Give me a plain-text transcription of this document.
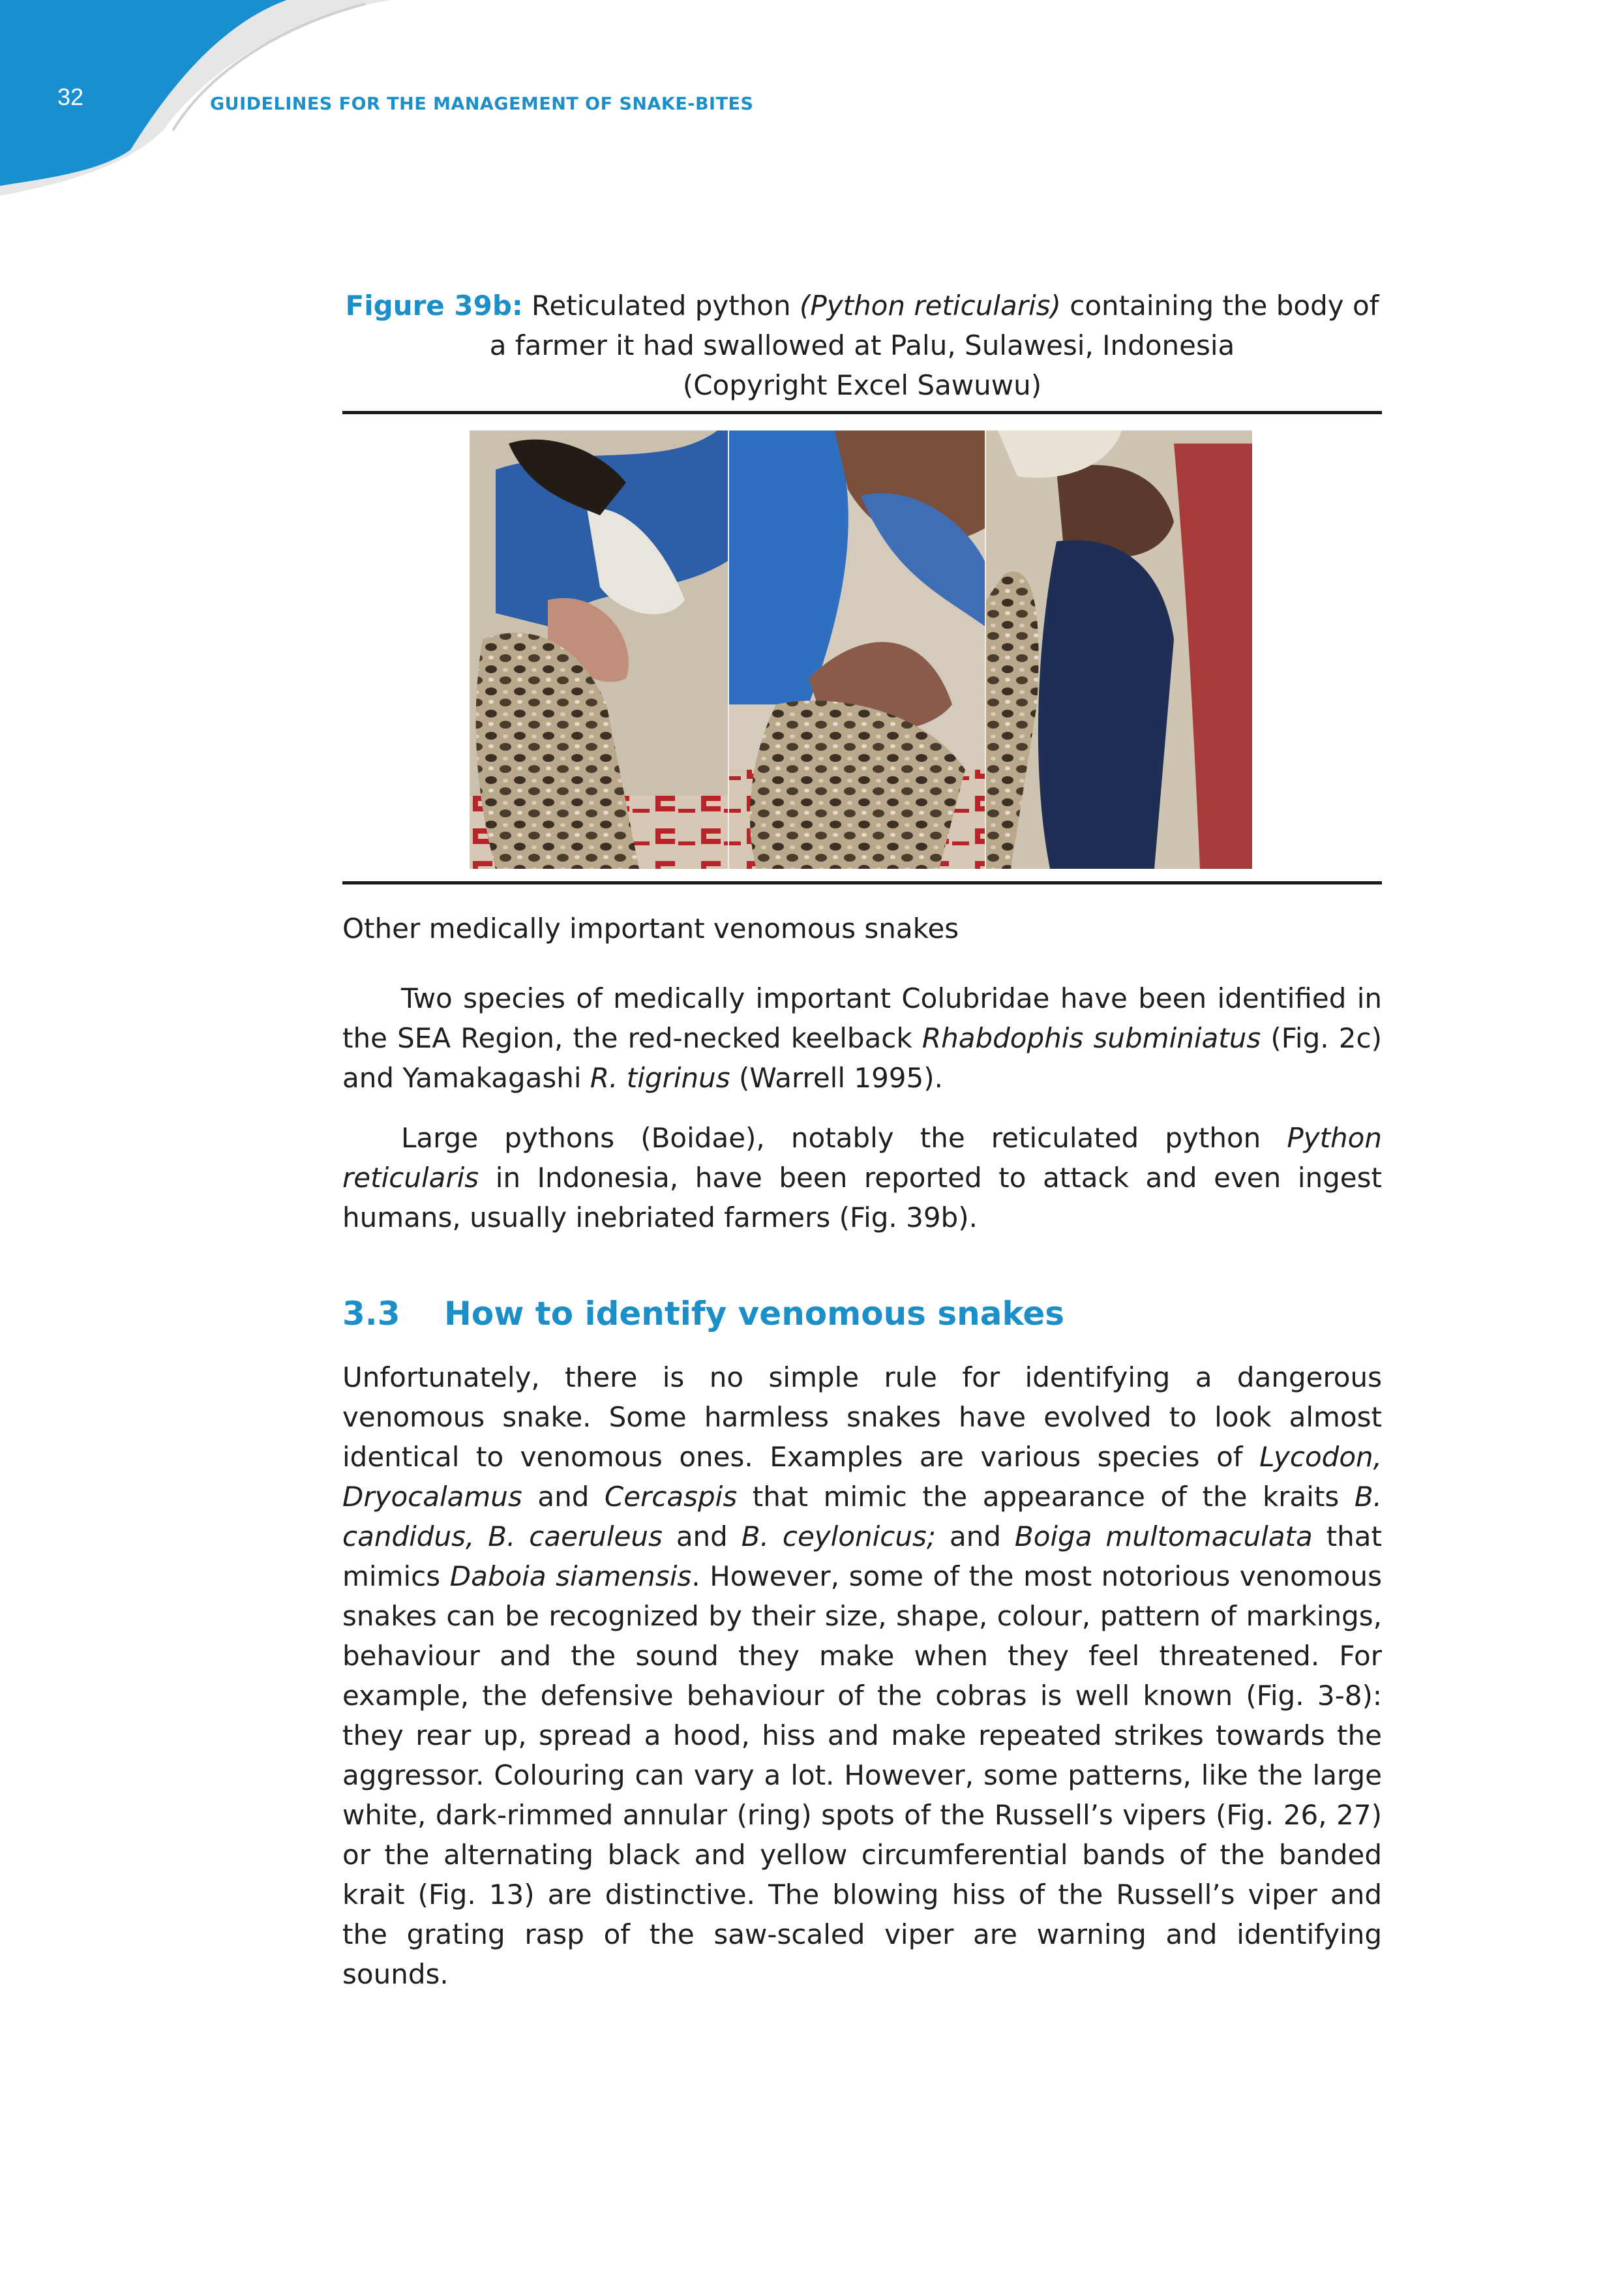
32	GUIDELINES FOR THE MANAGEMENT OF SNAKE-BITES
Figure 39b: Reticulated python (Python reticularis) containing the body of a farmer it had swallowed at Palu, Sulawesi, Indonesia
(Copyright Excel Sawuwu)
Other medically important venomous snakes
Two species of medically important Colubridae have been identified in the SEA Region, the red-necked keelback Rhabdophis subminiatus (Fig. 2c) and Yamakagashi R. tigrinus (Warrell 1995).
Large pythons (Boidae), notably the reticulated python Python reticularis in Indonesia, have been reported to attack and even ingest humans, usually inebriated farmers (Fig. 39b).
3.3 How to identify venomous snakes
Unfortunately, there is no simple rule for identifying a dangerous venomous snake. Some harmless snakes have evolved to look almost identical to venomous ones. Examples are various species of Lycodon, Dryocalamus and Cercaspis that mimic the appearance of the kraits B. candidus, B. caeruleus and B. ceylonicus; and Boiga multomaculata that mimics Daboia siamensis. However, some of the most notorious venomous snakes can be recognized by their size, shape, colour, pattern of markings, behaviour and the sound they make when they feel threatened. For example, the defensive behaviour of the cobras is well known (Fig. 3-8): they rear up, spread a hood, hiss and make repeated strikes towards the aggressor. Colouring can vary a lot. However, some patterns, like the large white, dark-rimmed annular (ring) spots of the Russell’s vipers (Fig. 26, 27) or the alternating black and yellow circumferential bands of the banded krait (Fig. 13) are distinctive. The blowing hiss of the Russell’s viper and the grating rasp of the saw-scaled viper are warning and identifying sounds.
